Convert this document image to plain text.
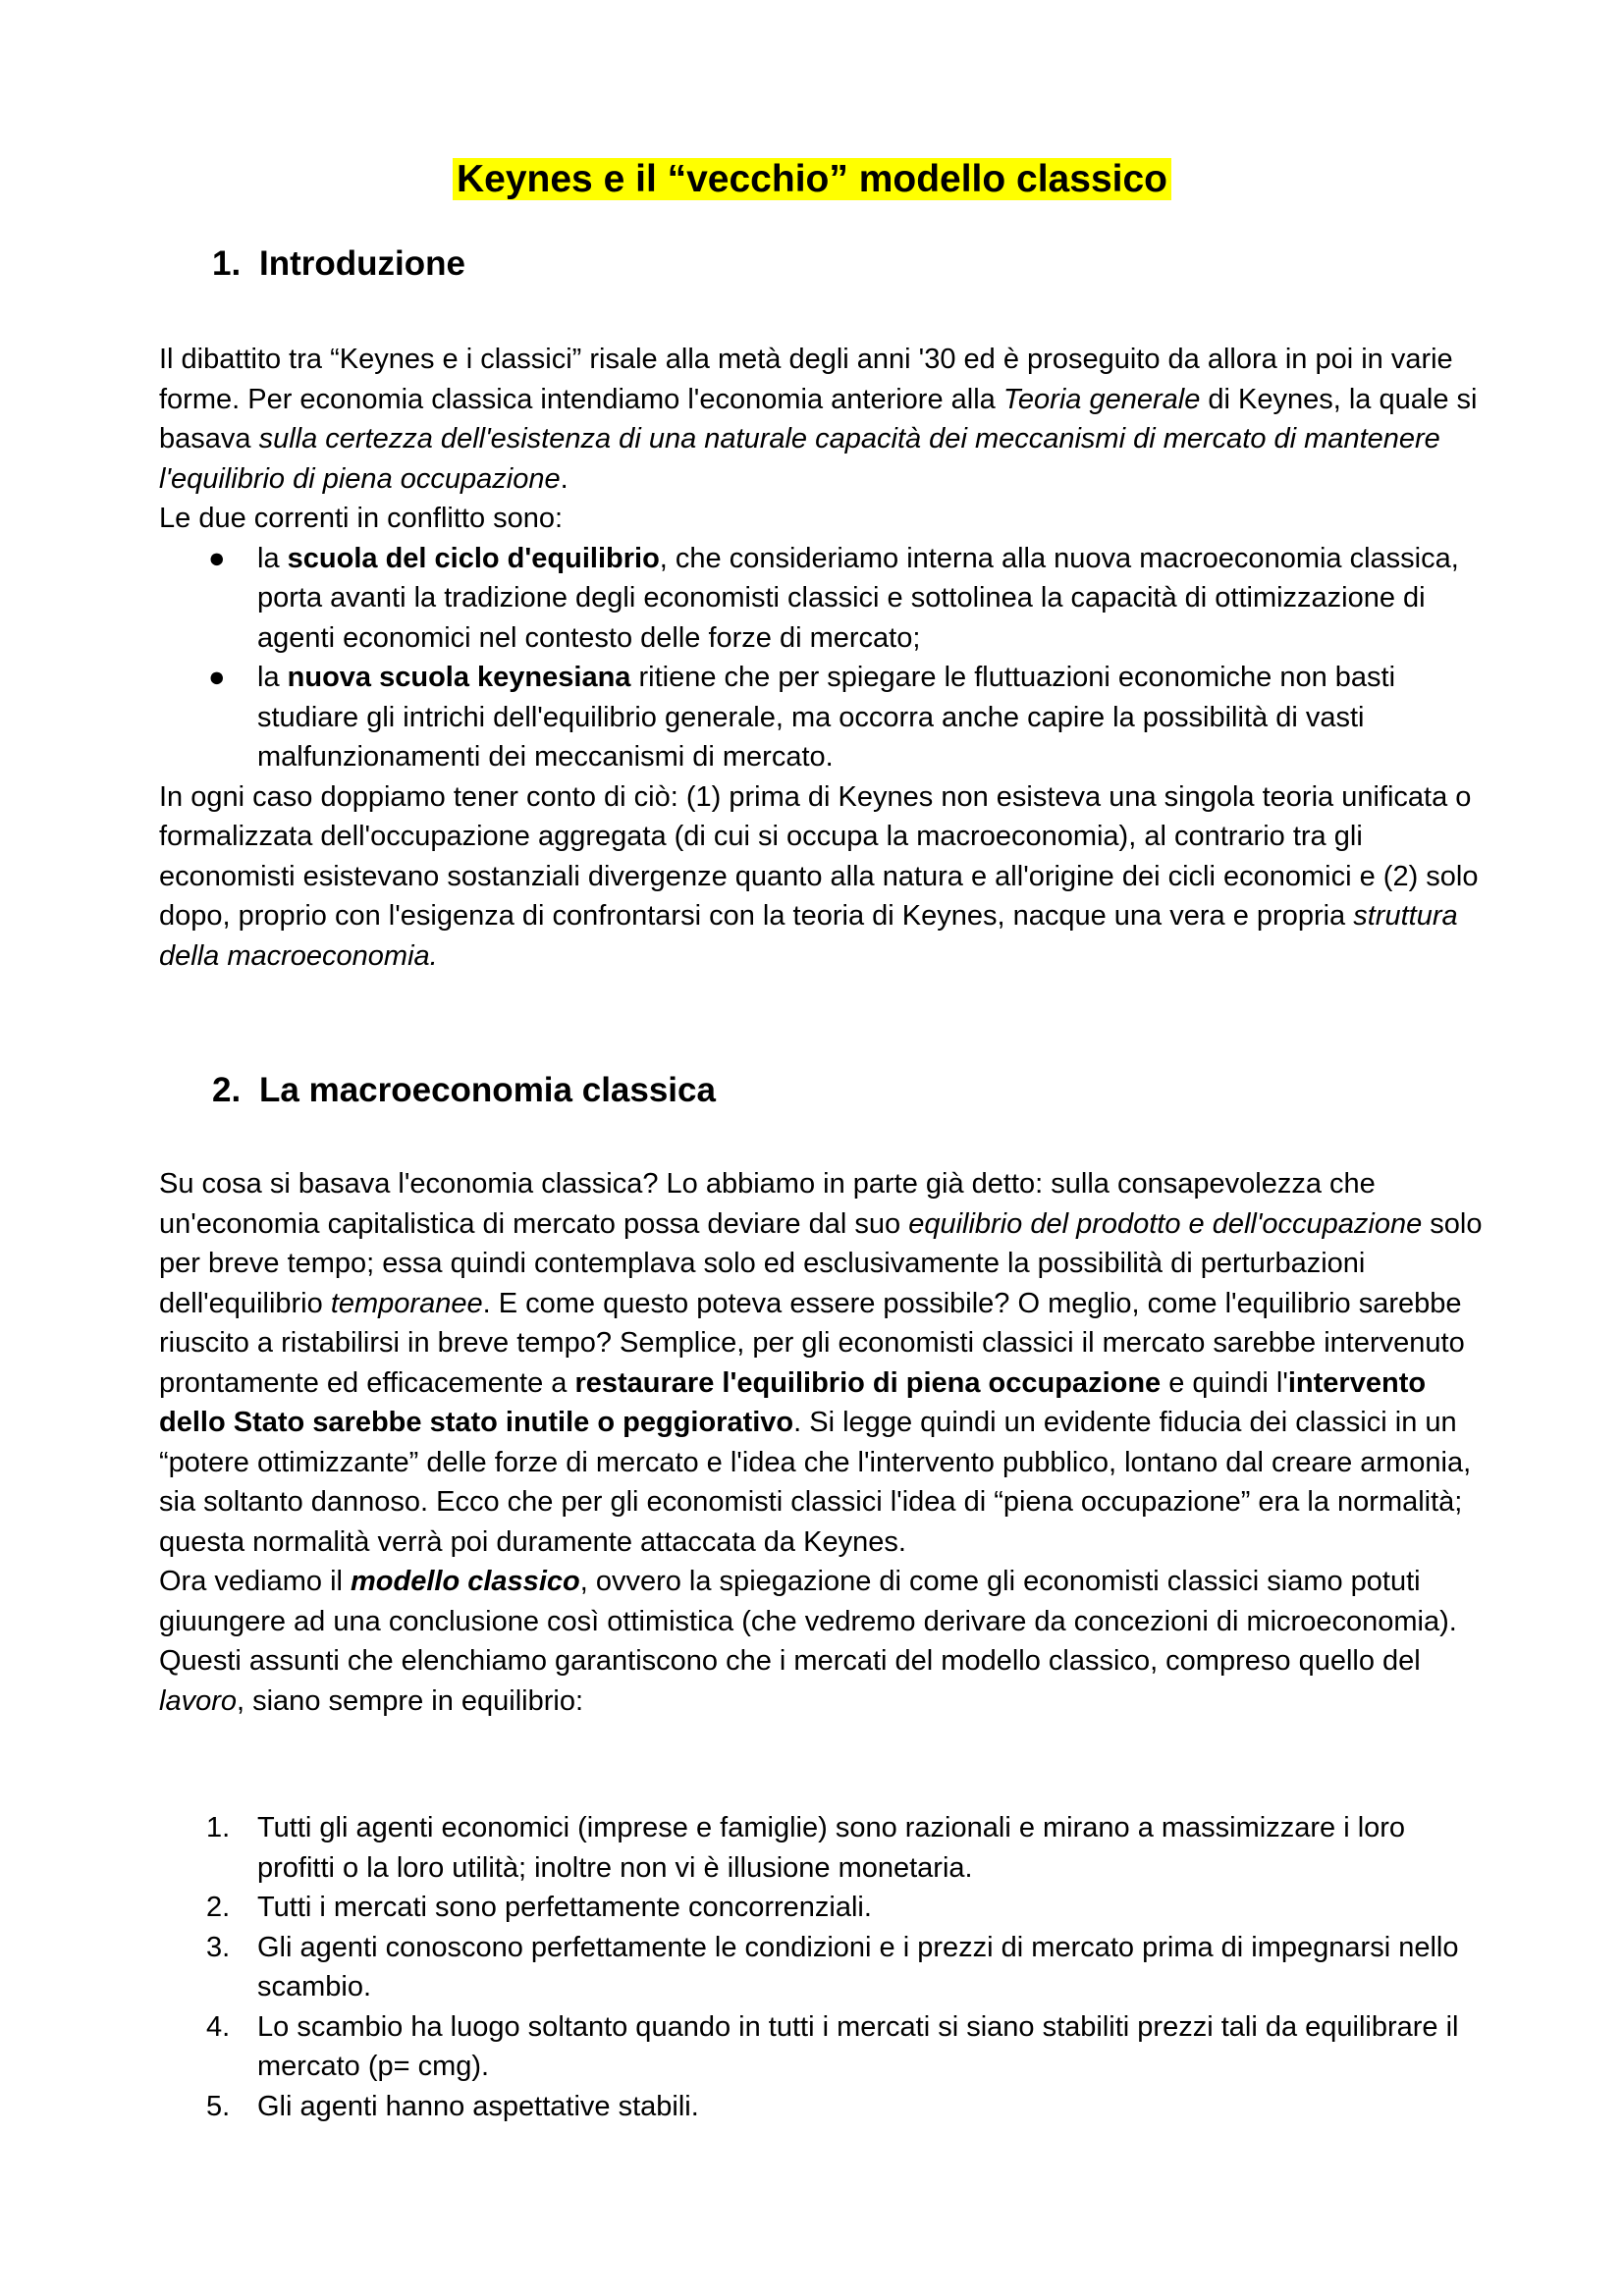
Keynes e il “vecchio” modello classico
1. Introduzione

Il dibattito tra “Keynes e i classici” risale alla metà degli anni '30 ed è proseguito da allora in poi in varie forme. Per economia classica intendiamo l'economia anteriore alla Teoria generale di Keynes, la quale si basava sulla certezza dell'esistenza di una naturale capacità dei meccanismi di mercato di mantenere l'equilibrio di piena occupazione.

Le due correnti in conflitto sono:

● la scuola del ciclo d'equilibrio, che consideriamo interna alla nuova macroeconomia classica, porta avanti la tradizione degli economisti classici e sottolinea la capacità di ottimizzazione di agenti economici nel contesto delle forze di mercato;
● la nuova scuola keynesiana ritiene che per spiegare le fluttuazioni economiche non basti studiare gli intrichi dell'equilibrio generale, ma occorra anche capire la possibilità di vasti malfunzionamenti dei meccanismi di mercato.

In ogni caso doppiamo tener conto di ciò: (1) prima di Keynes non esisteva una singola teoria unificata o formalizzata dell'occupazione aggregata (di cui si occupa la macroeconomia), al contrario tra gli economisti esistevano sostanziali divergenze quanto alla natura e all'origine dei cicli economici e (2) solo dopo, proprio con l'esigenza di confrontarsi con la teoria di Keynes, nacque una vera e propria struttura della macroeconomia.

2. La macroeconomia classica

Su cosa si basava l'economia classica? Lo abbiamo in parte già detto: sulla consapevolezza che un'economia capitalistica di mercato possa deviare dal suo equilibrio del prodotto e dell'occupazione solo per breve tempo; essa quindi contemplava solo ed esclusivamente la possibilità di perturbazioni dell'equilibrio temporanee. E come questo poteva essere possibile? O meglio, come l'equilibrio sarebbe riuscito a ristabilirsi in breve tempo? Semplice, per gli economisti classici il mercato sarebbe intervenuto prontamente ed efficacemente a restaurare l'equilibrio di piena occupazione e quindi l'intervento dello Stato sarebbe stato inutile o peggiorativo. Si legge quindi un evidente fiducia dei classici in un “potere ottimizzante” delle forze di mercato e l'idea che l'intervento pubblico, lontano dal creare armonia, sia soltanto dannoso. Ecco che per gli economisti classici l'idea di “piena occupazione” era la normalità; questa normalità verrà poi duramente attaccata da Keynes.

Ora vediamo il modello classico, ovvero la spiegazione di come gli economisti classici siamo potuti giuungere ad una conclusione così ottimistica (che vedremo derivare da concezioni di microeconomia). Questi assunti che elenchiamo garantiscono che i mercati del modello classico, compreso quello del lavoro, siano sempre in equilibrio:

1. Tutti gli agenti economici (imprese e famiglie) sono razionali e mirano a massimizzare i loro profitti o la loro utilità; inoltre non vi è illusione monetaria.
2. Tutti i mercati sono perfettamente concorrenziali.
3. Gli agenti conoscono perfettamente le condizioni e i prezzi di mercato prima di impegnarsi nello scambio.
4. Lo scambio ha luogo soltanto quando in tutti i mercati si siano stabiliti prezzi tali da equilibrare il mercato (p= cmg).
5. Gli agenti hanno aspettative stabili.
